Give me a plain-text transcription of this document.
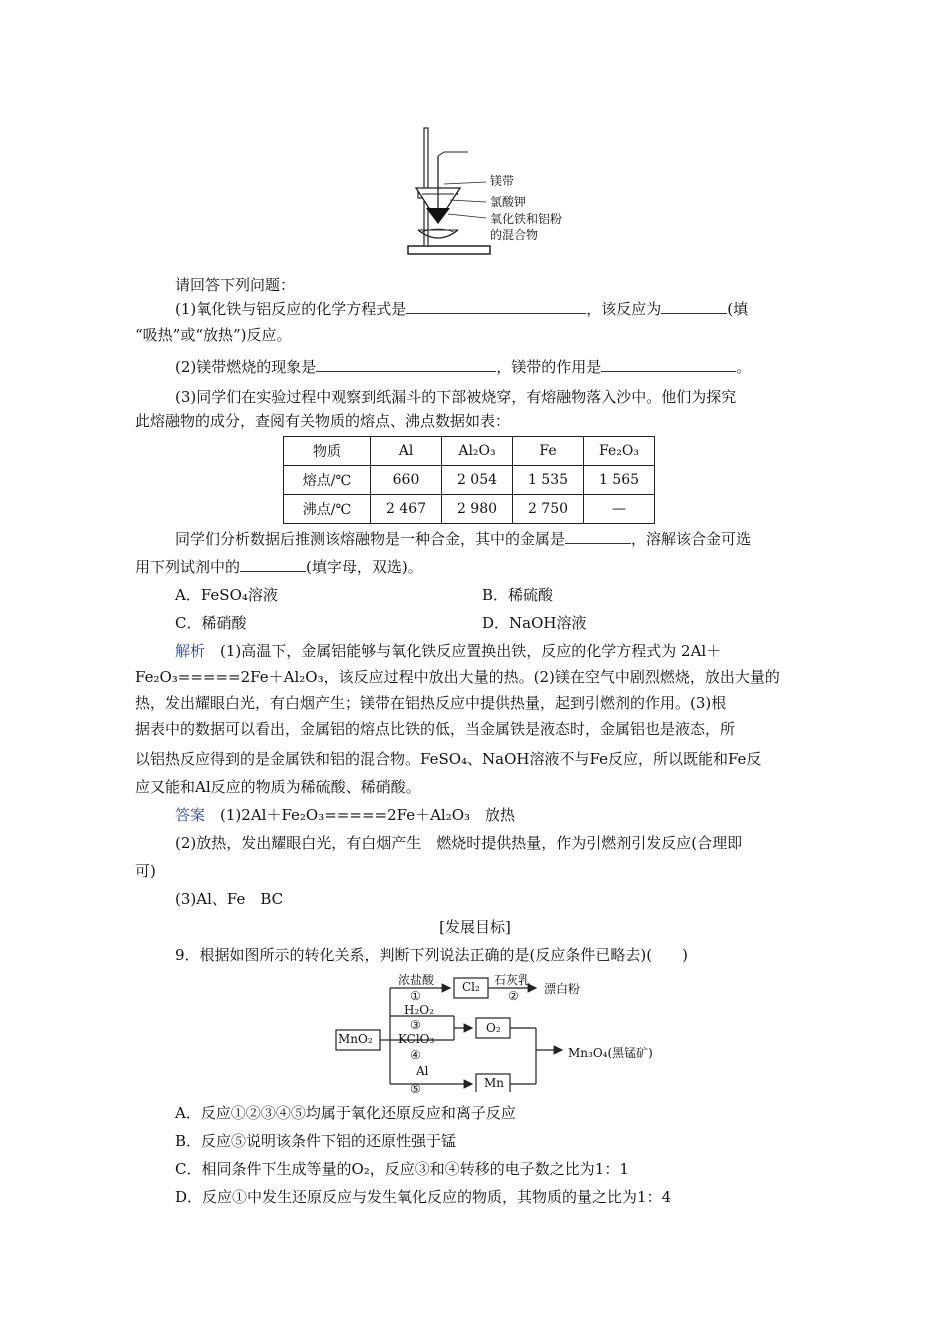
镁带
氯酸钾
氧化铁和铝粉
的混合物
请回答下列问题：
(1)氧化铁与铝反应的化学方程式是	，该反应为	(填
“吸热”或“放热”)反应。
(2)镁带燃烧的现象是	，镁带的作用是	。
(3)同学们在实验过程中观察到纸漏斗的下部被烧穿，有熔融物落入沙中。他们为探究
此熔融物的成分，查阅有关物质的熔点、沸点数据如表：
物质	Al	Al₂O₃	Fe	Fe₂O₃
熔点/℃	660	2 054	1 535	1 565
沸点/℃	2 467	2 980	2 750	—
同学们分析数据后推测该熔融物是一种合金，其中的金属是	，溶解该合金可选
用下列试剂中的	(填字母，双选)。
A．FeSO₄溶液	B．稀硫酸
C．稀硝酸	D．NaOH溶液
解析　 (1)高温下，金属铝能够与氧化铁反应置换出铁，反应的化学方程式为 2Al＋
Fe₂O₃=====2Fe＋Al₂O₃，该反应过程中放出大量的热。(2)镁在空气中剧烈燃烧，放出大量的
热，发出耀眼白光，有白烟产生；镁带在铝热反应中提供热量，起到引燃剂的作用。(3)根
据表中的数据可以看出，金属铝的熔点比铁的低，当金属铁是液态时，金属铝也是液态，所
以铝热反应得到的是金属铁和铝的混合物。FeSO₄、NaOH溶液不与Fe反应，所以既能和Fe反
应又能和Al反应的物质为稀硫酸、稀硝酸。
答案　 (1)2Al＋Fe₂O₃=====2Fe＋Al₂O₃　放热
(2)放热，发出耀眼白光，有白烟产生　燃烧时提供热量，作为引燃剂引发反应(合理即
可)
(3)Al、Fe　BC
[发展目标]
9．根据如图所示的转化关系，判断下列说法正确的是(反应条件已略去)(　　)
MnO₂
浓盐酸
①
Cl₂ 石灰乳
② 漂白粉
H₂O₂
③
KClO₃
④
O₂
Al
⑤	Mn
Mn₃O₄(黑锰矿)
A．反应①②③④⑤均属于氧化还原反应和离子反应
B．反应⑤说明该条件下铝的还原性强于锰
C．相同条件下生成等量的O₂，反应③和④转移的电子数之比为1：1
D．反应①中发生还原反应与发生氧化反应的物质，其物质的量之比为1：4
